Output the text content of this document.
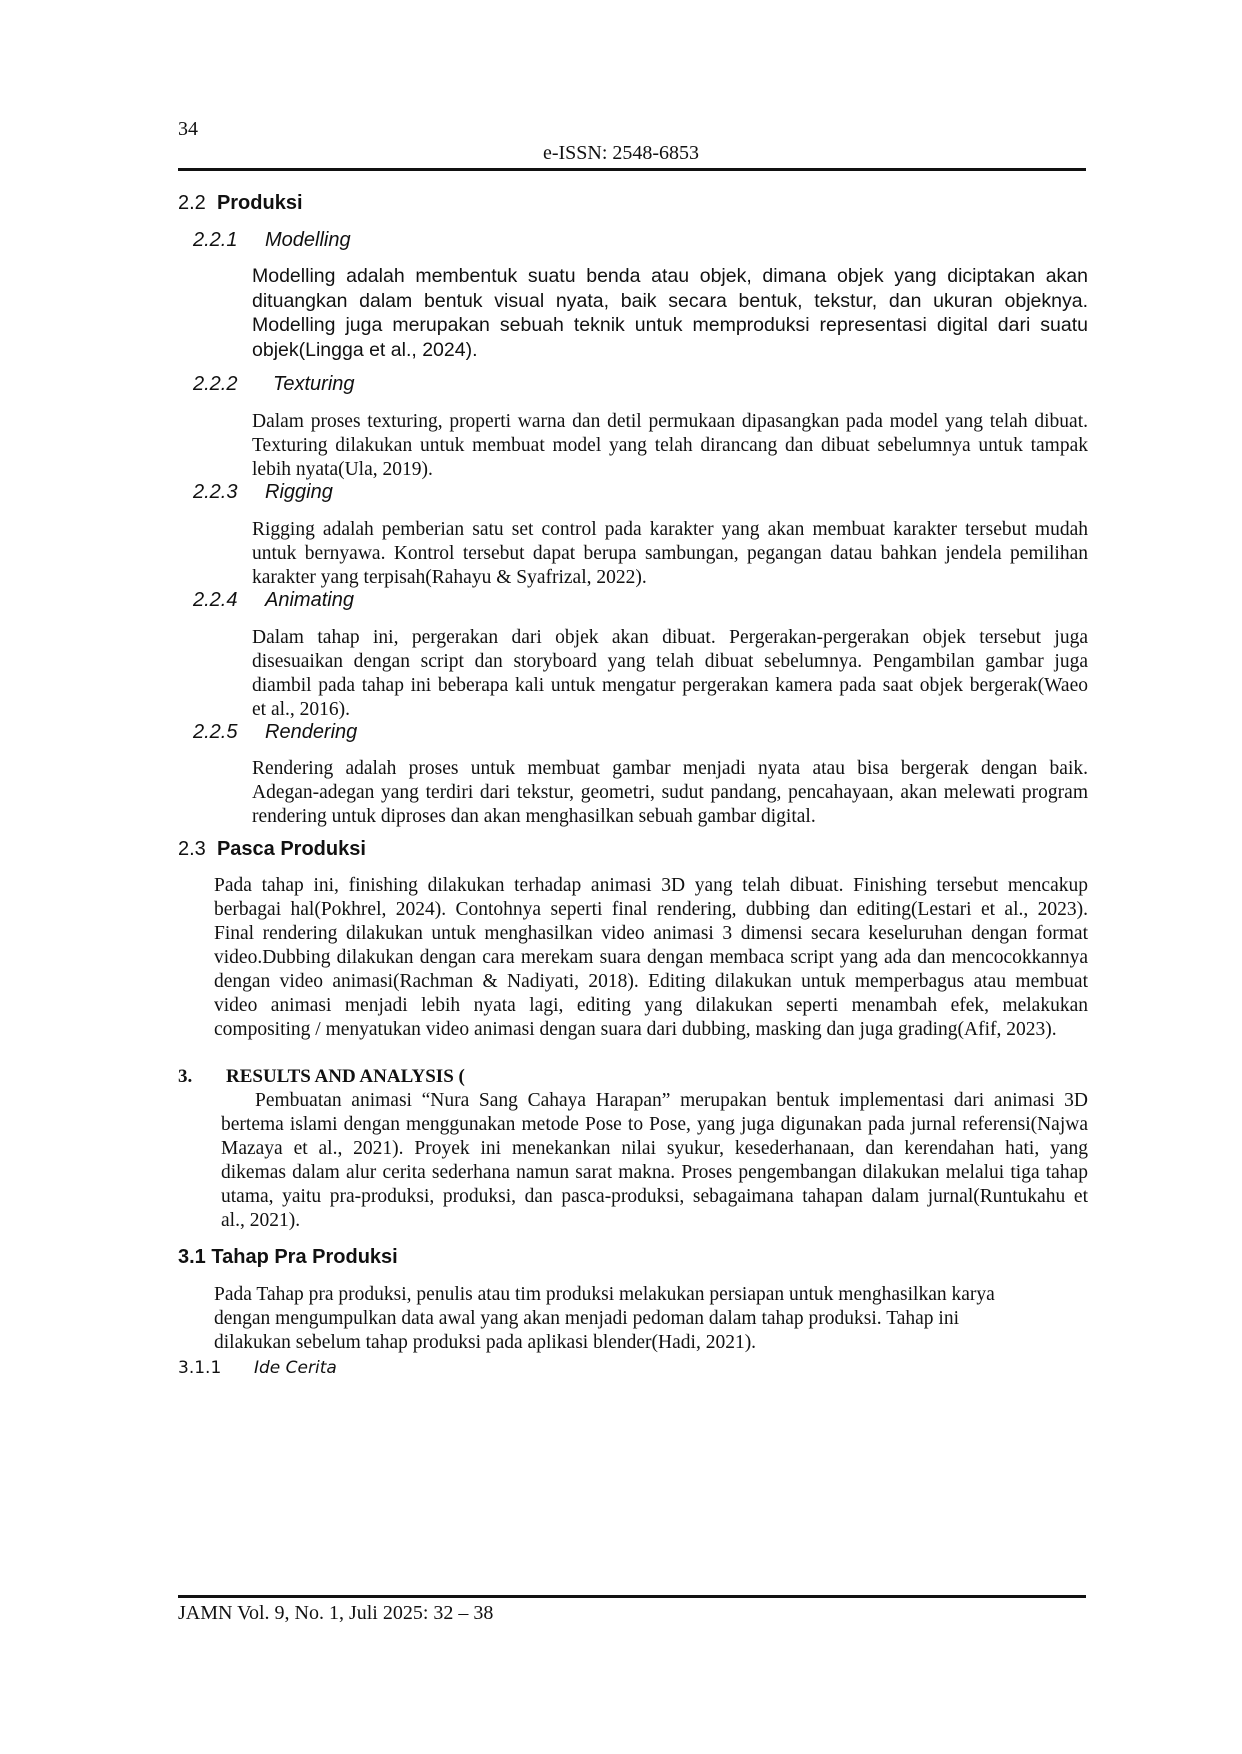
34
e-ISSN: 2548-6853
2.2 Produksi
2.2.1 Modelling
Modelling adalah membentuk suatu benda atau objek, dimana objek yang diciptakan akan
dituangkan dalam bentuk visual nyata, baik secara bentuk, tekstur, dan ukuran objeknya.
Modelling juga merupakan sebuah teknik untuk memproduksi representasi digital dari suatu
objek(Lingga et al., 2024).
2.2.2 Texturing
Dalam proses texturing, properti warna dan detil permukaan dipasangkan pada model yang telah dibuat.
Texturing dilakukan untuk membuat model yang telah dirancang dan dibuat sebelumnya untuk tampak
lebih nyata(Ula, 2019).
2.2.3 Rigging
Rigging adalah pemberian satu set control pada karakter yang akan membuat karakter tersebut mudah
untuk bernyawa. Kontrol tersebut dapat berupa sambungan, pegangan datau bahkan jendela pemilihan
karakter yang terpisah(Rahayu & Syafrizal, 2022).
2.2.4 Animating
Dalam tahap ini, pergerakan dari objek akan dibuat. Pergerakan-pergerakan objek tersebut juga
disesuaikan dengan script dan storyboard yang telah dibuat sebelumnya. Pengambilan gambar juga
diambil pada tahap ini beberapa kali untuk mengatur pergerakan kamera pada saat objek bergerak(Waeo
et al., 2016).
2.2.5 Rendering
Rendering adalah proses untuk membuat gambar menjadi nyata atau bisa bergerak dengan baik.
Adegan-adegan yang terdiri dari tekstur, geometri, sudut pandang, pencahayaan, akan melewati program
rendering untuk diproses dan akan menghasilkan sebuah gambar digital.
2.3 Pasca Produksi
Pada tahap ini, finishing dilakukan terhadap animasi 3D yang telah dibuat. Finishing tersebut mencakup
berbagai hal(Pokhrel, 2024). Contohnya seperti final rendering, dubbing dan editing(Lestari et al., 2023).
Final rendering dilakukan untuk menghasilkan video animasi 3 dimensi secara keseluruhan dengan format
video.Dubbing dilakukan dengan cara merekam suara dengan membaca script yang ada dan mencocokkannya
dengan video animasi(Rachman & Nadiyati, 2018). Editing dilakukan untuk memperbagus atau membuat
video animasi menjadi lebih nyata lagi, editing yang dilakukan seperti menambah efek, melakukan
compositing / menyatukan video animasi dengan suara dari dubbing, masking dan juga grading(Afif, 2023).
3. RESULTS AND ANALYSIS (
Pembuatan animasi “Nura Sang Cahaya Harapan” merupakan bentuk implementasi dari animasi 3D
bertema islami dengan menggunakan metode Pose to Pose, yang juga digunakan pada jurnal referensi(Najwa
Mazaya et al., 2021). Proyek ini menekankan nilai syukur, kesederhanaan, dan kerendahan hati, yang
dikemas dalam alur cerita sederhana namun sarat makna. Proses pengembangan dilakukan melalui tiga tahap
utama, yaitu pra-produksi, produksi, dan pasca-produksi, sebagaimana tahapan dalam jurnal(Runtukahu et
al., 2021).
3.1 Tahap Pra Produksi
Pada Tahap pra produksi, penulis atau tim produksi melakukan persiapan untuk menghasilkan karya
dengan mengumpulkan data awal yang akan menjadi pedoman dalam tahap produksi. Tahap ini
dilakukan sebelum tahap produksi pada aplikasi blender(Hadi, 2021).
3.1.1 Ide Cerita
JAMN Vol. 9, No. 1, Juli 2025: 32 – 38
